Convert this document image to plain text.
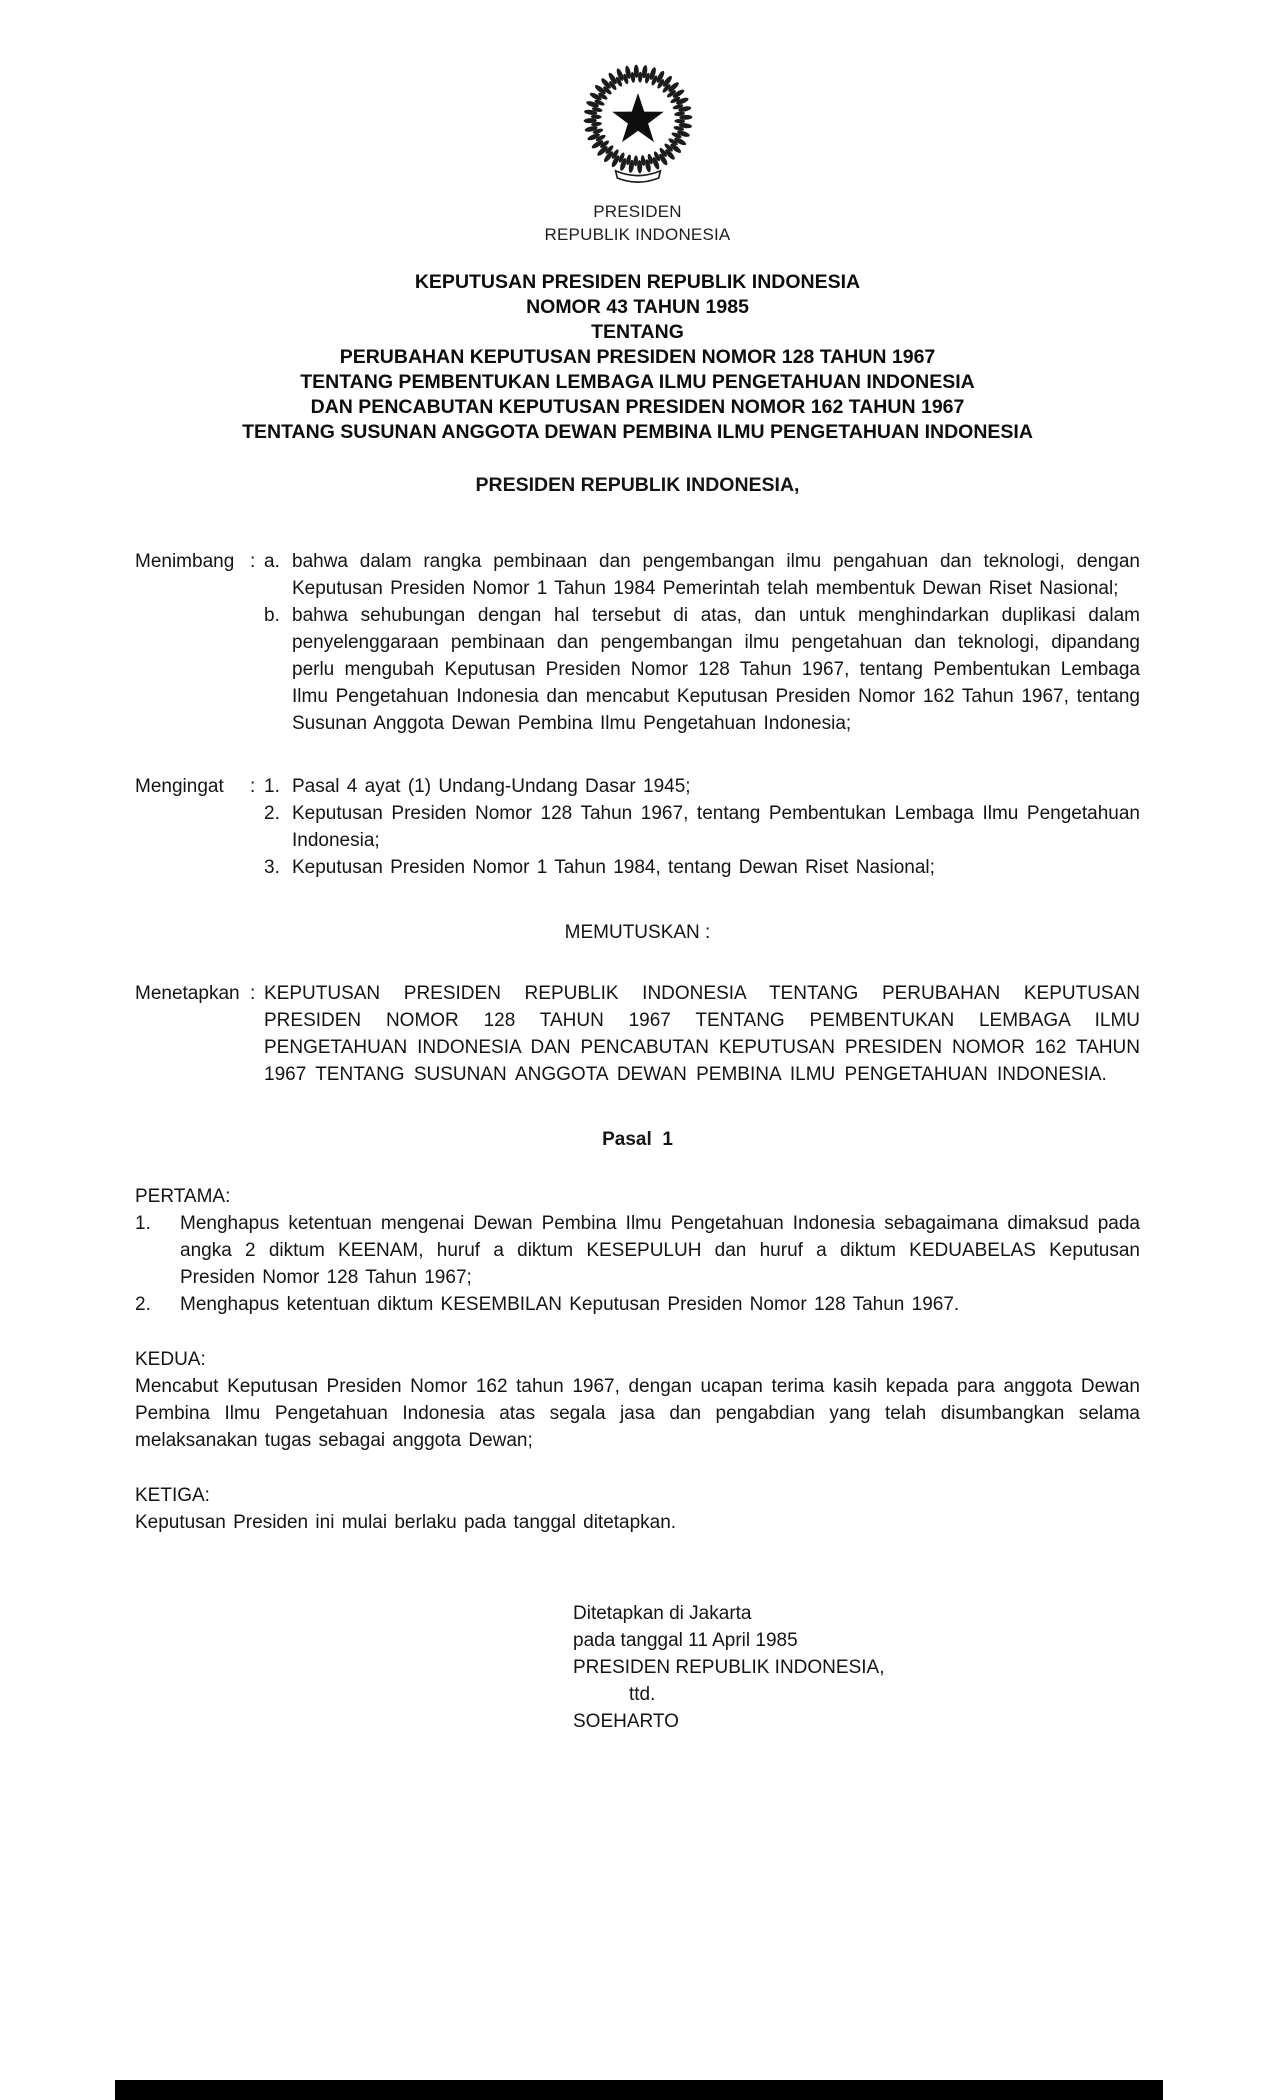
PRESIDEN
REPUBLIK INDONESIA
KEPUTUSAN PRESIDEN REPUBLIK INDONESIA
NOMOR 43 TAHUN 1985
TENTANG
PERUBAHAN KEPUTUSAN PRESIDEN NOMOR 128 TAHUN 1967
TENTANG PEMBENTUKAN LEMBAGA ILMU PENGETAHUAN INDONESIA
DAN PENCABUTAN KEPUTUSAN PRESIDEN NOMOR 162 TAHUN 1967
TENTANG SUSUNAN ANGGOTA DEWAN PEMBINA ILMU PENGETAHUAN INDONESIA
PRESIDEN REPUBLIK INDONESIA,
Menimbang : a. bahwa dalam rangka pembinaan dan pengembangan ilmu pengahuan dan teknologi, dengan Keputusan Presiden Nomor 1 Tahun 1984 Pemerintah telah membentuk Dewan Riset Nasional;
b. bahwa sehubungan dengan hal tersebut di atas, dan untuk menghindarkan duplikasi dalam penyelenggaraan pembinaan dan pengembangan ilmu pengetahuan dan teknologi, dipandang perlu mengubah Keputusan Presiden Nomor 128 Tahun 1967, tentang Pembentukan Lembaga Ilmu Pengetahuan Indonesia dan mencabut Keputusan Presiden Nomor 162 Tahun 1967, tentang Susunan Anggota Dewan Pembina Ilmu Pengetahuan Indonesia;
Mengingat	: 1. Pasal 4 ayat (1) Undang-Undang Dasar 1945;
2. Keputusan Presiden Nomor 128 Tahun 1967, tentang Pembentukan Lembaga Ilmu Pengetahuan Indonesia;
3. Keputusan Presiden Nomor 1 Tahun 1984, tentang Dewan Riset Nasional;
MEMUTUSKAN :
Menetapkan : KEPUTUSAN PRESIDEN REPUBLIK INDONESIA TENTANG PERUBAHAN KEPUTUSAN PRESIDEN NOMOR 128 TAHUN 1967 TENTANG PEMBENTUKAN LEMBAGA ILMU PENGETAHUAN INDONESIA DAN PENCABUTAN KEPUTUSAN PRESIDEN NOMOR 162 TAHUN 1967 TENTANG SUSUNAN ANGGOTA DEWAN PEMBINA ILMU PENGETAHUAN INDONESIA.
Pasal  1
PERTAMA:
1.	Menghapus ketentuan mengenai Dewan Pembina Ilmu Pengetahuan Indonesia sebagaimana dimaksud pada angka 2 diktum KEENAM, huruf a diktum KESEPULUH dan huruf a diktum KEDUABELAS Keputusan Presiden Nomor 128 Tahun 1967;
2.	Menghapus ketentuan diktum KESEMBILAN Keputusan Presiden Nomor 128 Tahun 1967.
KEDUA:
Mencabut Keputusan Presiden Nomor 162 tahun 1967, dengan ucapan terima kasih kepada para anggota Dewan Pembina Ilmu Pengetahuan Indonesia atas segala jasa dan pengabdian yang telah disumbangkan selama melaksanakan tugas sebagai anggota Dewan;
KETIGA:
Keputusan Presiden ini mulai berlaku pada tanggal ditetapkan.
Ditetapkan di Jakarta
pada tanggal 11 April 1985
PRESIDEN REPUBLIK INDONESIA,
ttd.
SOEHARTO
